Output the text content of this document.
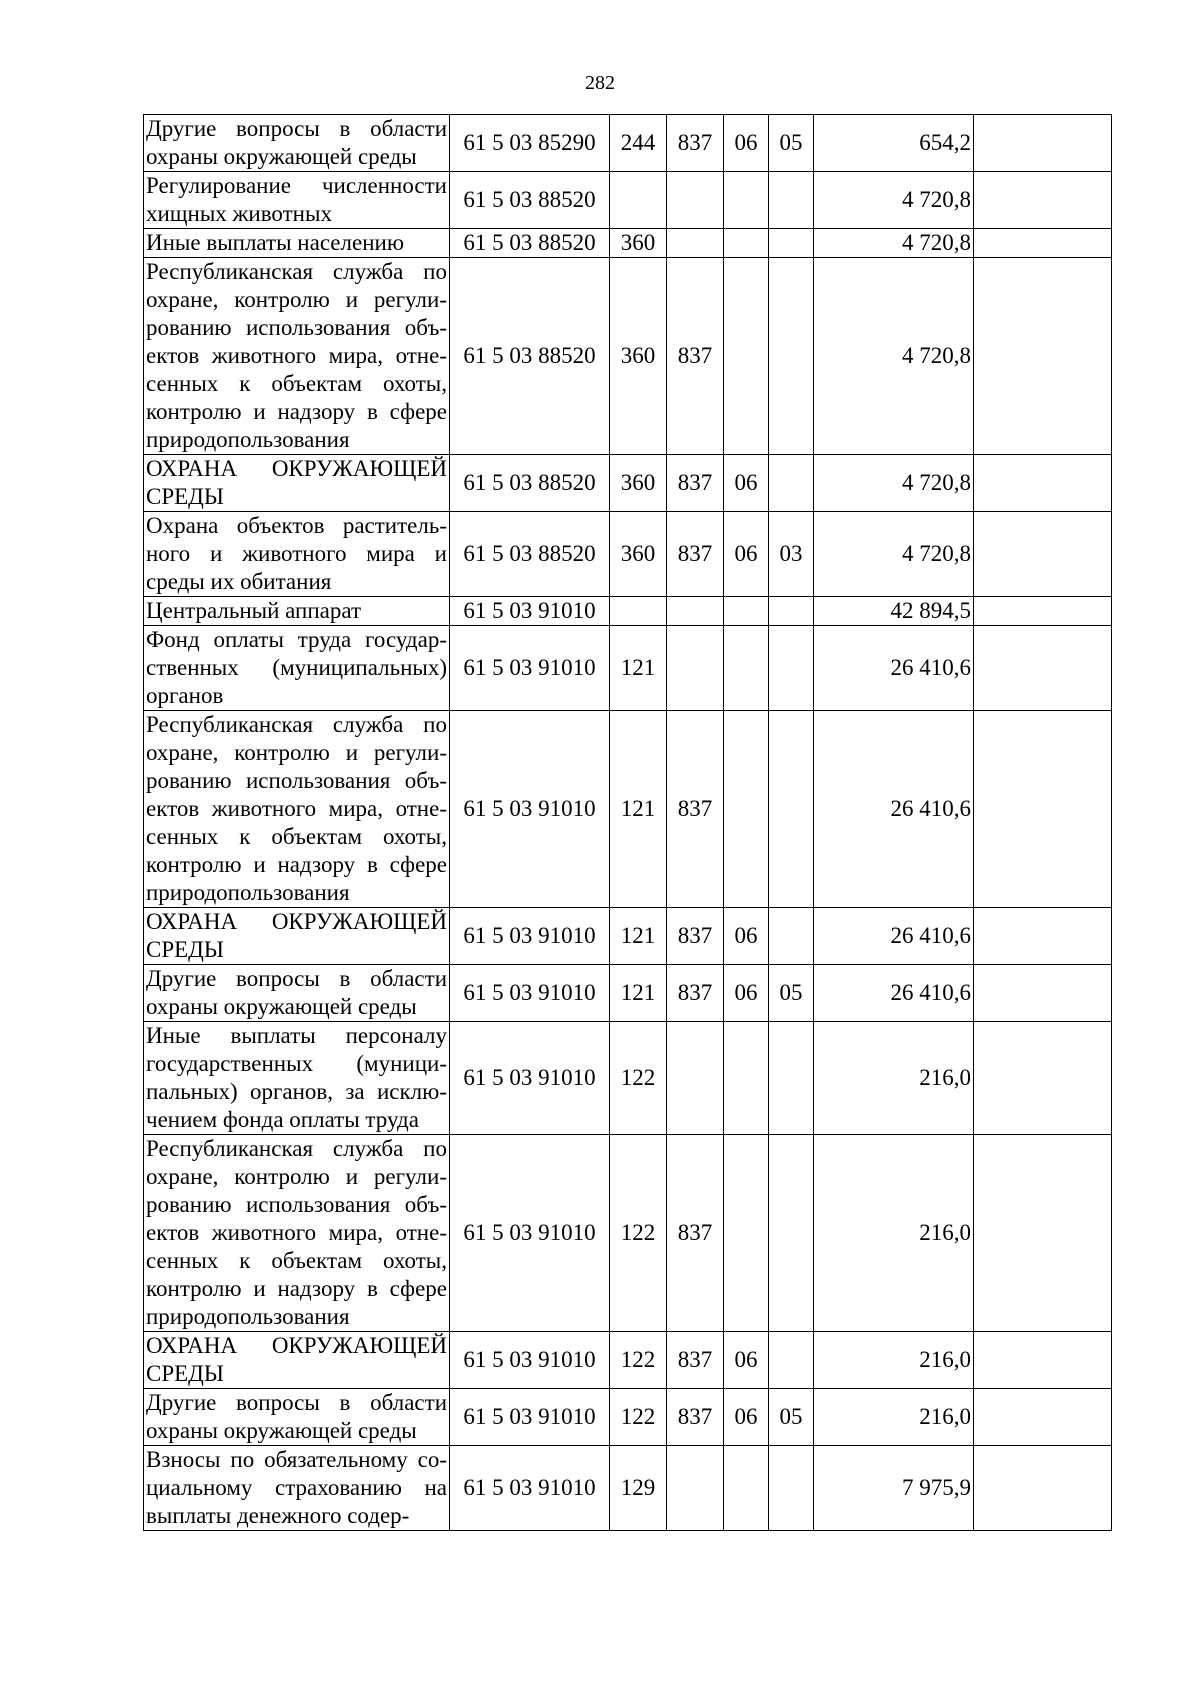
282
Другие вопросы в области охраны окружающей среды	61 5 03 85290	244	837	06	05	654,2	
Регулирование численности хищных животных	61 5 03 88520					4 720,8	
Иные выплаты населению	61 5 03 88520	360				4 720,8	
Республиканская служба по охране, контролю и регули-рованию использования объ-ектов животного мира, отне-сенных к объектам охоты, контролю и надзору в сфере природопользования	61 5 03 88520	360	837			4 720,8	
ОХРАНА ОКРУЖАЮЩЕЙ СРЕДЫ	61 5 03 88520	360	837	06		4 720,8	
Охрана объектов раститель-ного и животного мира и среды их обитания	61 5 03 88520	360	837	06	03	4 720,8	
Центральный аппарат	61 5 03 91010					42 894,5	
Фонд оплаты труда государ-ственных (муниципальных) органов	61 5 03 91010	121				26 410,6	
Республиканская служба по охране, контролю и регули-рованию использования объ-ектов животного мира, отне-сенных к объектам охоты, контролю и надзору в сфере природопользования	61 5 03 91010	121	837			26 410,6	
ОХРАНА ОКРУЖАЮЩЕЙ СРЕДЫ	61 5 03 91010	121	837	06		26 410,6	
Другие вопросы в области охраны окружающей среды	61 5 03 91010	121	837	06	05	26 410,6	
Иные выплаты персоналу государственных (муници-пальных) органов, за исклю-чением фонда оплаты труда	61 5 03 91010	122				216,0	
Республиканская служба по охране, контролю и регули-рованию использования объ-ектов животного мира, отне-сенных к объектам охоты, контролю и надзору в сфере природопользования	61 5 03 91010	122	837			216,0	
ОХРАНА ОКРУЖАЮЩЕЙ СРЕДЫ	61 5 03 91010	122	837	06		216,0	
Другие вопросы в области охраны окружающей среды	61 5 03 91010	122	837	06	05	216,0	
Взносы по обязательному со-циальному страхованию на выплаты денежного содер-	61 5 03 91010	129				7 975,9	
